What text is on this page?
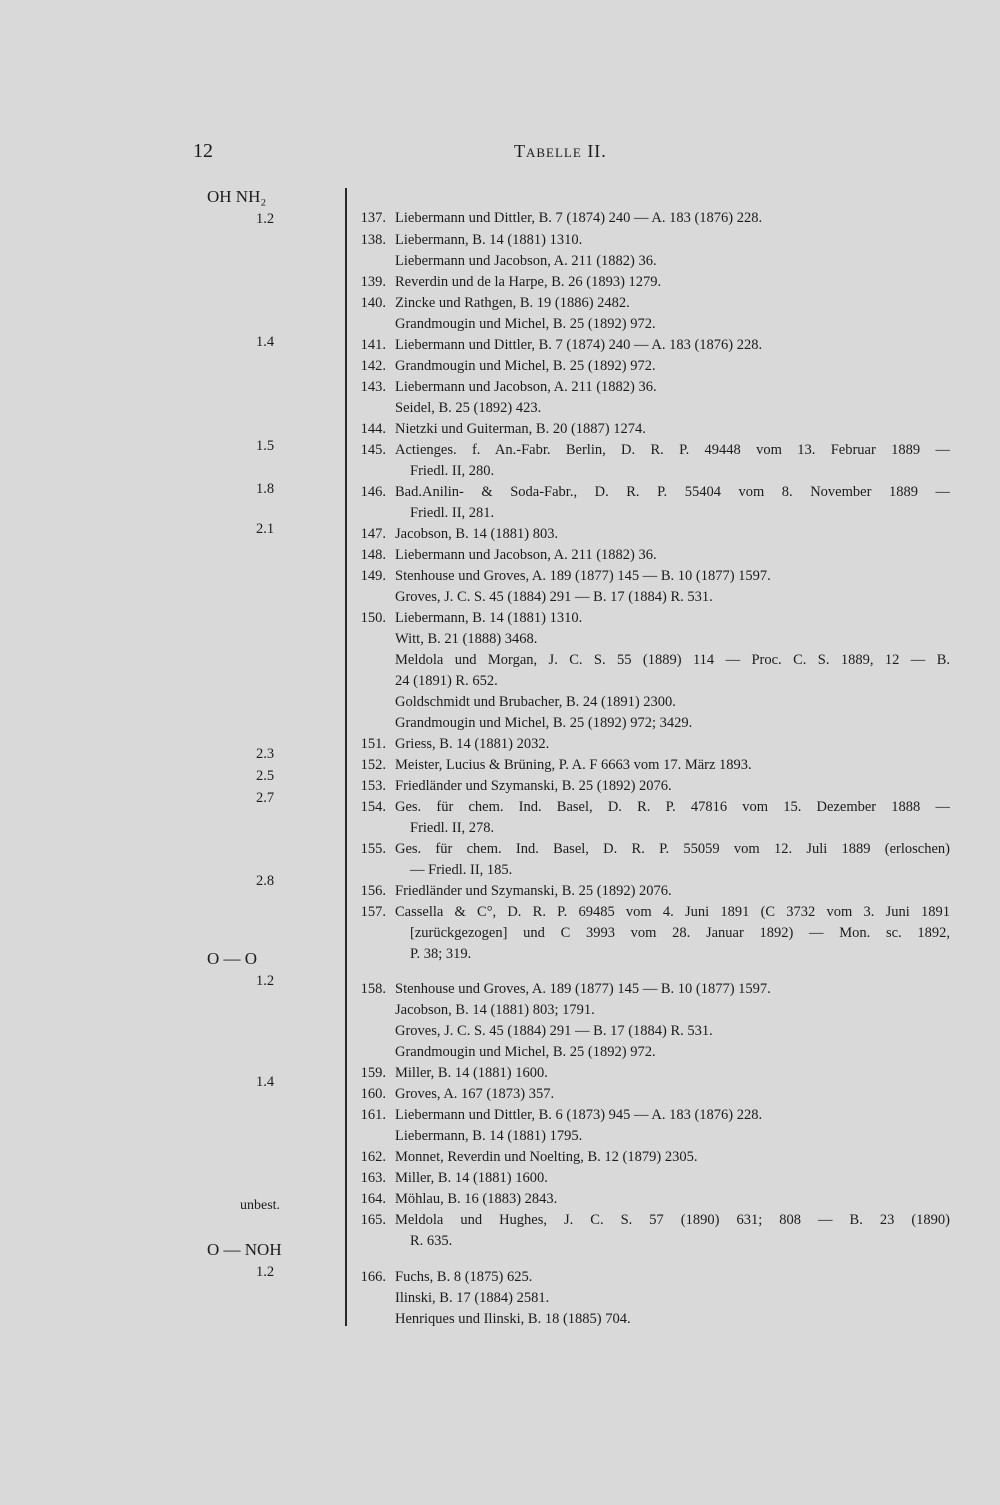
12	Tabelle II.
OH NH₂
1.2
1.4
1.5
1.8
2.1
2.3
2.5
2.7
2.8
O — O
1.2
1.4
unbest.
O — NOH
1.2
137. Liebermann und Dittler, B. 7 (1874) 240 — A. 183 (1876) 228.
138. Liebermann, B. 14 (1881) 1310.
Liebermann und Jacobson, A. 211 (1882) 36.
139. Reverdin und de la Harpe, B. 26 (1893) 1279.
140. Zincke und Rathgen, B. 19 (1886) 2482.
Grandmougin und Michel, B. 25 (1892) 972.
141. Liebermann und Dittler, B. 7 (1874) 240 — A. 183 (1876) 228.
142. Grandmougin und Michel, B. 25 (1892) 972.
143. Liebermann und Jacobson, A. 211 (1882) 36.
Seidel, B. 25 (1892) 423.
144. Nietzki und Guiterman, B. 20 (1887) 1274.
145. Actienges. f. An.-Fabr. Berlin, D. R. P. 49448 vom 13. Februar 1889 —
Friedl. II, 280.
146. Bad.Anilin- & Soda-Fabr., D. R. P. 55404 vom 8. November 1889 —
Friedl. II, 281.
147. Jacobson, B. 14 (1881) 803.
148. Liebermann und Jacobson, A. 211 (1882) 36.
149. Stenhouse und Groves, A. 189 (1877) 145 — B. 10 (1877) 1597.
Groves, J. C. S. 45 (1884) 291 — B. 17 (1884) R. 531.
150. Liebermann, B. 14 (1881) 1310.
Witt, B. 21 (1888) 3468.
Meldola und Morgan, J. C. S. 55 (1889) 114 — Proc. C. S. 1889, 12 — B.
24 (1891) R. 652.
Goldschmidt und Brubacher, B. 24 (1891) 2300.
Grandmougin und Michel, B. 25 (1892) 972; 3429.
151. Griess, B. 14 (1881) 2032.
152. Meister, Lucius & Brüning, P. A. F 6663 vom 17. März 1893.
153. Friedländer und Szymanski, B. 25 (1892) 2076.
154. Ges. für chem. Ind. Basel, D. R. P. 47816 vom 15. Dezember 1888 —
Friedl. II, 278.
155. Ges. für chem. Ind. Basel, D. R. P. 55059 vom 12. Juli 1889 (erloschen)
— Friedl. II, 185.
156. Friedländer und Szymanski, B. 25 (1892) 2076.
157. Cassella & C°, D. R. P. 69485 vom 4. Juni 1891 (C 3732 vom 3. Juni 1891
[zurückgezogen] und C 3993 vom 28. Januar 1892) — Mon. sc. 1892,
P. 38; 319.
158. Stenhouse und Groves, A. 189 (1877) 145 — B. 10 (1877) 1597.
Jacobson, B. 14 (1881) 803; 1791.
Groves, J. C. S. 45 (1884) 291 — B. 17 (1884) R. 531.
Grandmougin und Michel, B. 25 (1892) 972.
159. Miller, B. 14 (1881) 1600.
160. Groves, A. 167 (1873) 357.
161. Liebermann und Dittler, B. 6 (1873) 945 — A. 183 (1876) 228.
Liebermann, B. 14 (1881) 1795.
162. Monnet, Reverdin und Noelting, B. 12 (1879) 2305.
163. Miller, B. 14 (1881) 1600.
164. Möhlau, B. 16 (1883) 2843.
165. Meldola und Hughes, J. C. S. 57 (1890) 631; 808 — B. 23 (1890)
R. 635.
166. Fuchs, B. 8 (1875) 625.
Ilinski, B. 17 (1884) 2581.
Henriques und Ilinski, B. 18 (1885) 704.
